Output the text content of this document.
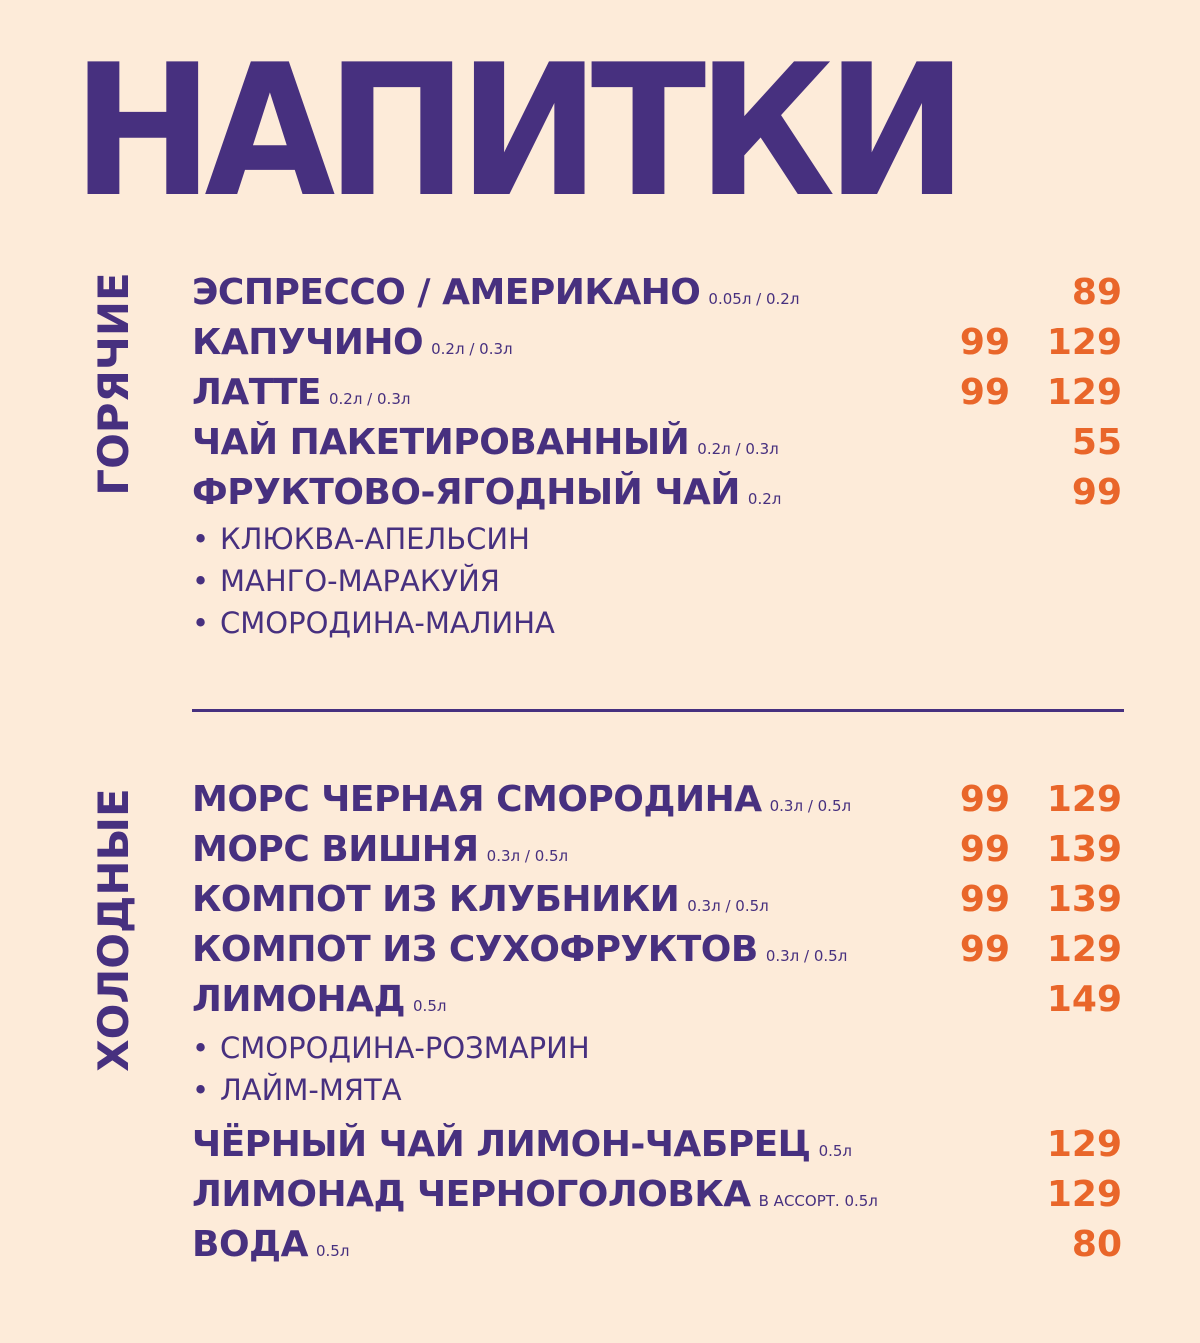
НАПИТКИ
ГОРЯЧИЕ
ХОЛОДНЫЕ
ЭСПРЕССО / АМЕРИКАНО 0.05л / 0.2л	89
КАПУЧИНО 0.2л / 0.3л	99	129
ЛАТТЕ 0.2л / 0.3л	99	129
ЧАЙ ПАКЕТИРОВАННЫЙ 0.2л / 0.3л	55
ФРУКТОВО-ЯГОДНЫЙ ЧАЙ 0.2л	99
• КЛЮКВА-АПЕЛЬСИН
• МАНГО-МАРАКУЙЯ
• СМОРОДИНА-МАЛИНА
МОРС ЧЕРНАЯ СМОРОДИНА 0.3л / 0.5л	99	129
МОРС ВИШНЯ 0.3л / 0.5л	99	139
КОМПОТ ИЗ КЛУБНИКИ 0.3л / 0.5л	99	139
КОМПОТ ИЗ СУХОФРУКТОВ 0.3л / 0.5л	99	129
ЛИМОНАД 0.5л	149
• СМОРОДИНА-РОЗМАРИН
• ЛАЙМ-МЯТА
ЧЁРНЫЙ ЧАЙ ЛИМОН-ЧАБРЕЦ 0.5л	129
ЛИМОНАД ЧЕРНОГОЛОВКА В АССОРТ. 0.5л	129
ВОДА 0.5л	80
